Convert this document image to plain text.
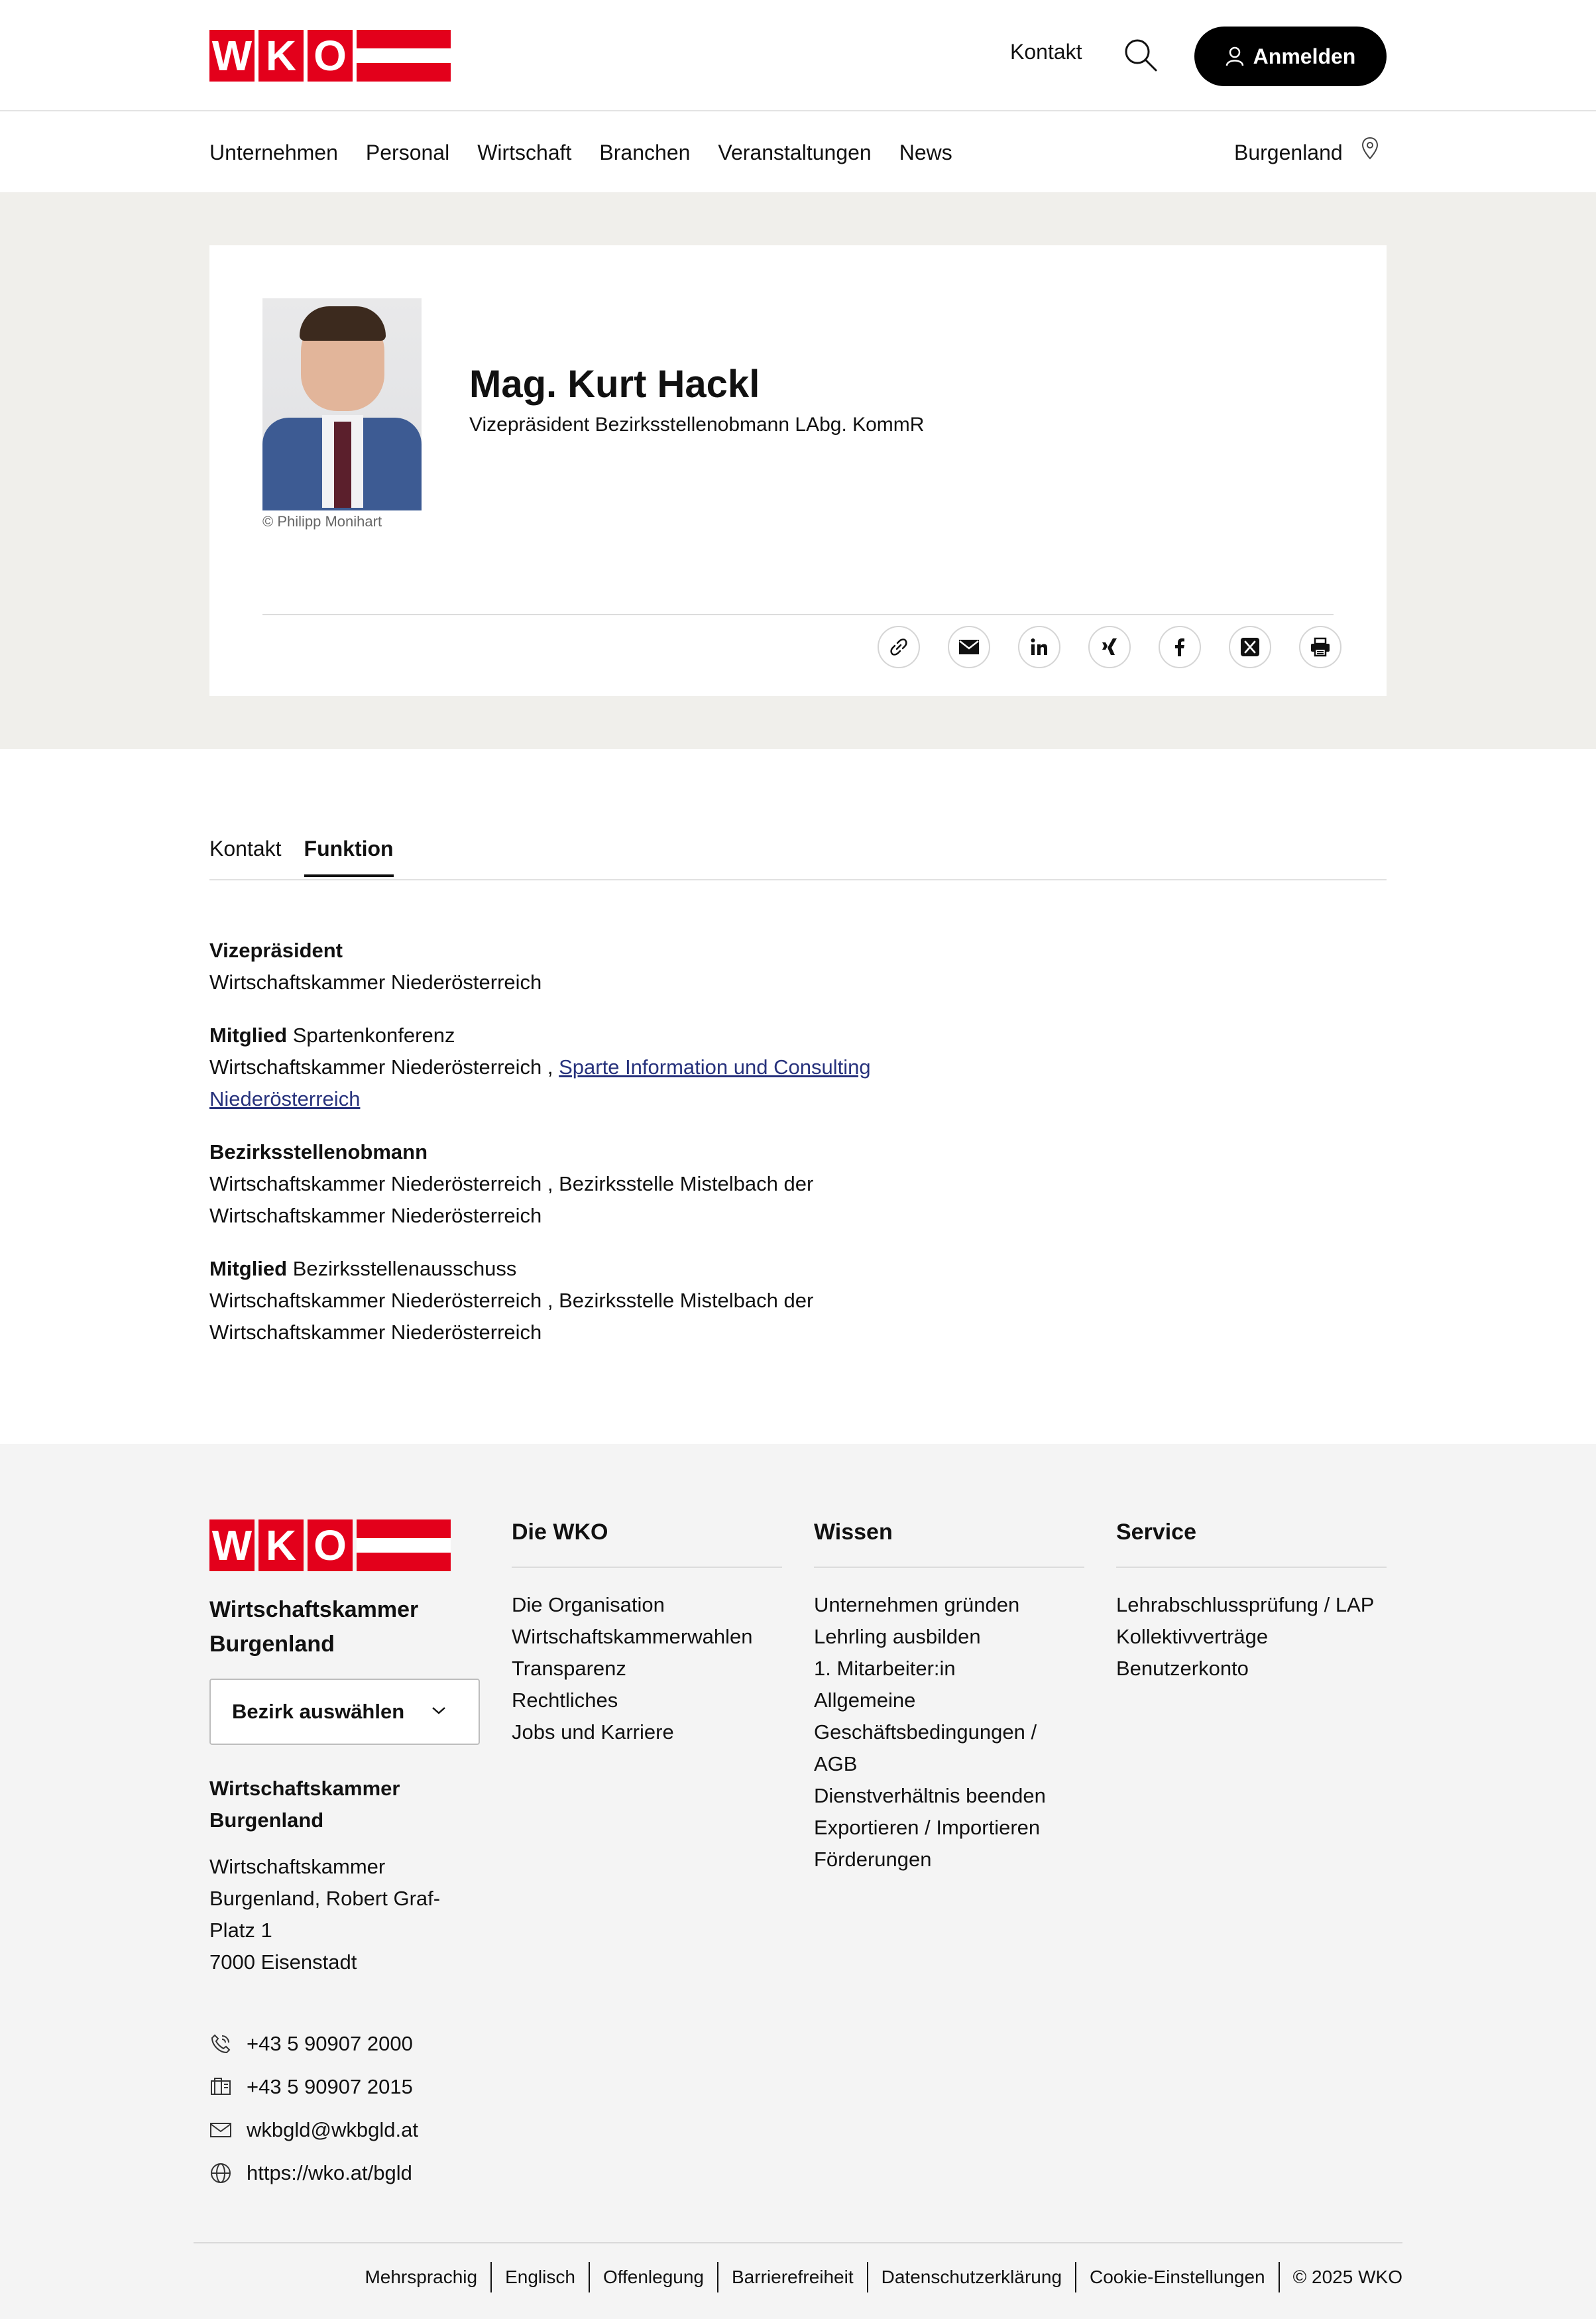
W K O	Kontakt	Anmelden
Unternehmen Personal Wirtschaft Branchen Veranstaltungen News	Burgenland
© Philipp Monihart
Mag. Kurt Hackl
Vizepräsident Bezirksstellenobmann LAbg. KommR
Kontakt Funktion
Vizepräsident
Wirtschaftskammer Niederösterreich
Mitglied Spartenkonferenz
Wirtschaftskammer Niederösterreich , Sparte Information und Consulting Niederösterreich
Bezirksstellenobmann
Wirtschaftskammer Niederösterreich , Bezirksstelle Mistelbach der Wirtschaftskammer Niederösterreich
Mitglied Bezirksstellenausschuss
Wirtschaftskammer Niederösterreich , Bezirksstelle Mistelbach der Wirtschaftskammer Niederösterreich
W K O
Wirtschaftskammer Burgenland
Bezirk auswählen
Wirtschaftskammer Burgenland
Wirtschaftskammer Burgenland, Robert Graf-Platz 1
7000 Eisenstadt
+43 5 90907 2000
+43 5 90907 2015
wkbgld@wkbgld.at
https://wko.at/bgld
Die WKO
Die Organisation
Wirtschaftskammerwahlen
Transparenz
Rechtliches
Jobs und Karriere
Wissen
Unternehmen gründen
Lehrling ausbilden
1. Mitarbeiter:in
Allgemeine Geschäftsbedingungen / AGB
Dienstverhältnis beenden
Exportieren / Importieren
Förderungen
Service
Lehrabschlussprüfung / LAP
Kollektivverträge
Benutzerkonto
Mehrsprachig	Englisch	Offenlegung	Barrierefreiheit	Datenschutzerklärung	Cookie-Einstellungen	© 2025 WKO
